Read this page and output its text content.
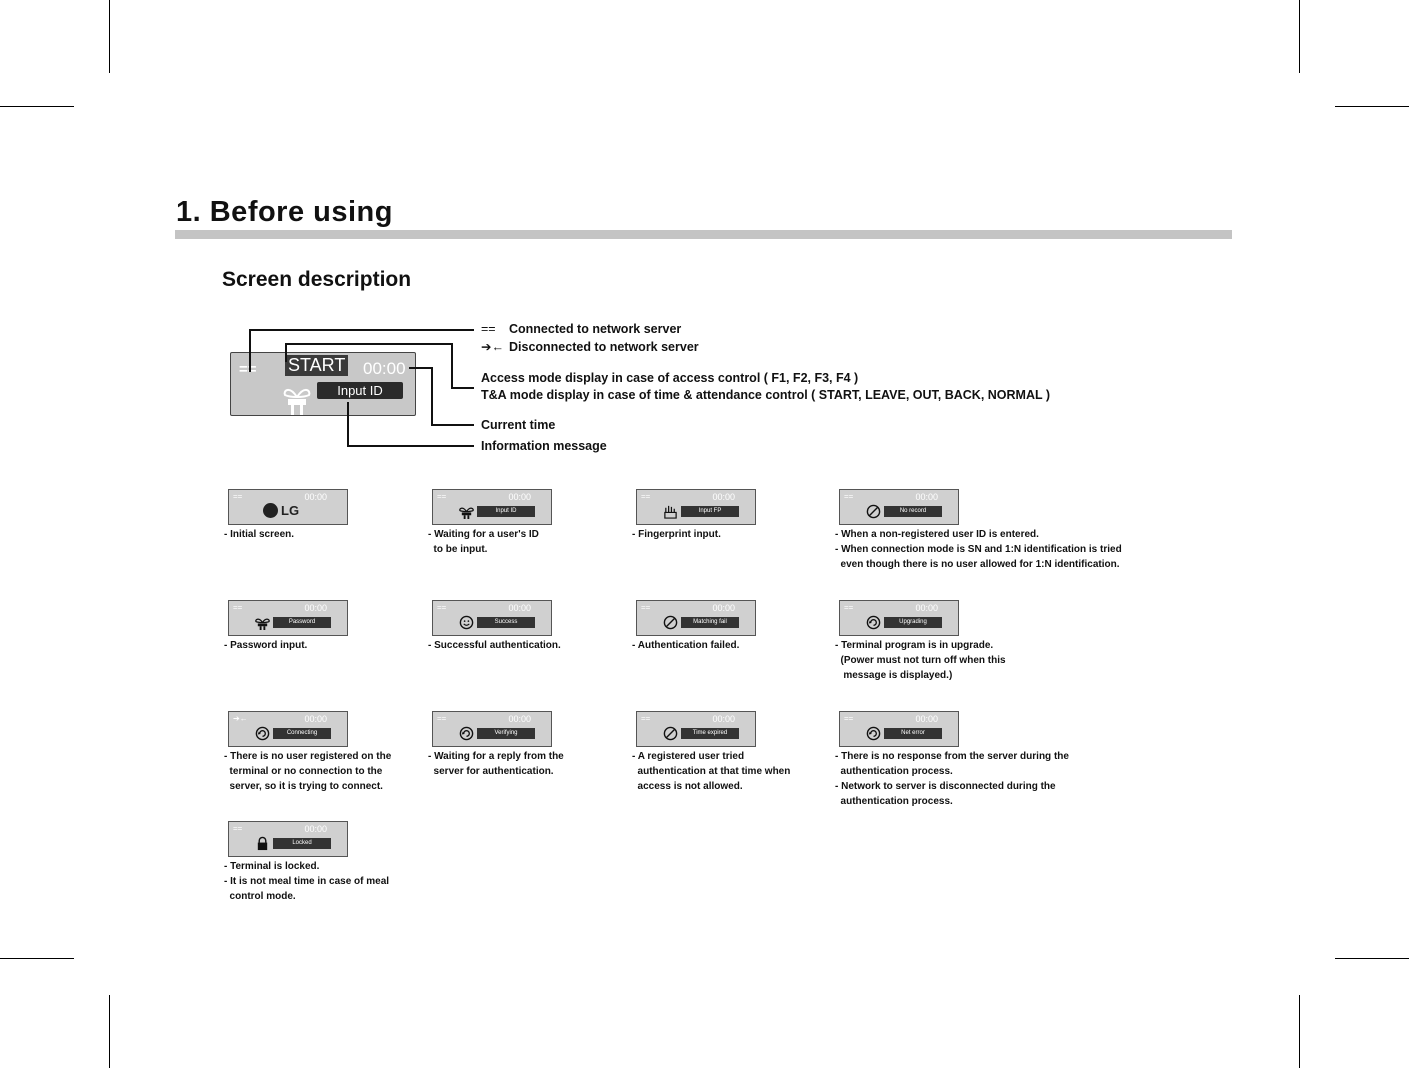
1. Before using
Screen description
== START 00:00
Input ID
== Connected to network server
➔← Disconnected to network server
Access mode display in case of access control ( F1, F2, F3, F4 )
T&A mode display in case of time & attendance control ( START, LEAVE, OUT, BACK, NORMAL )
Current time
Information message
==	00:00
LG
- Initial screen.
==	00:00
Input ID
- Waiting for a user's ID
to be input.
==	00:00
Input FP
- Fingerprint input.
==	00:00
No record
- When a non-registered user ID is entered.
- When connection mode is SN and 1:N identification is tried
even though there is no user allowed for 1:N identification.
==	00:00
Password
- Password input.
==	00:00
Success
- Successful authentication.
==	00:00
Matching fail
- Authentication failed.
==	00:00
Upgrading
- Terminal program is in upgrade.
(Power must not turn off when this
message is displayed.)
➔←	00:00
Connecting
- There is no user registered on the
terminal or no connection to the
server, so it is trying to connect.
==	00:00
Verifying
- Waiting for a reply from the
server for authentication.
==	00:00
Time expired
- A registered user tried
authentication at that time when
access is not allowed.
==	00:00
Net error
- There is no response from the server during the
authentication process.
- Network to server is disconnected during the
authentication process.
==	00:00
Locked
- Terminal is locked.
- It is not meal time in case of meal
control mode.
